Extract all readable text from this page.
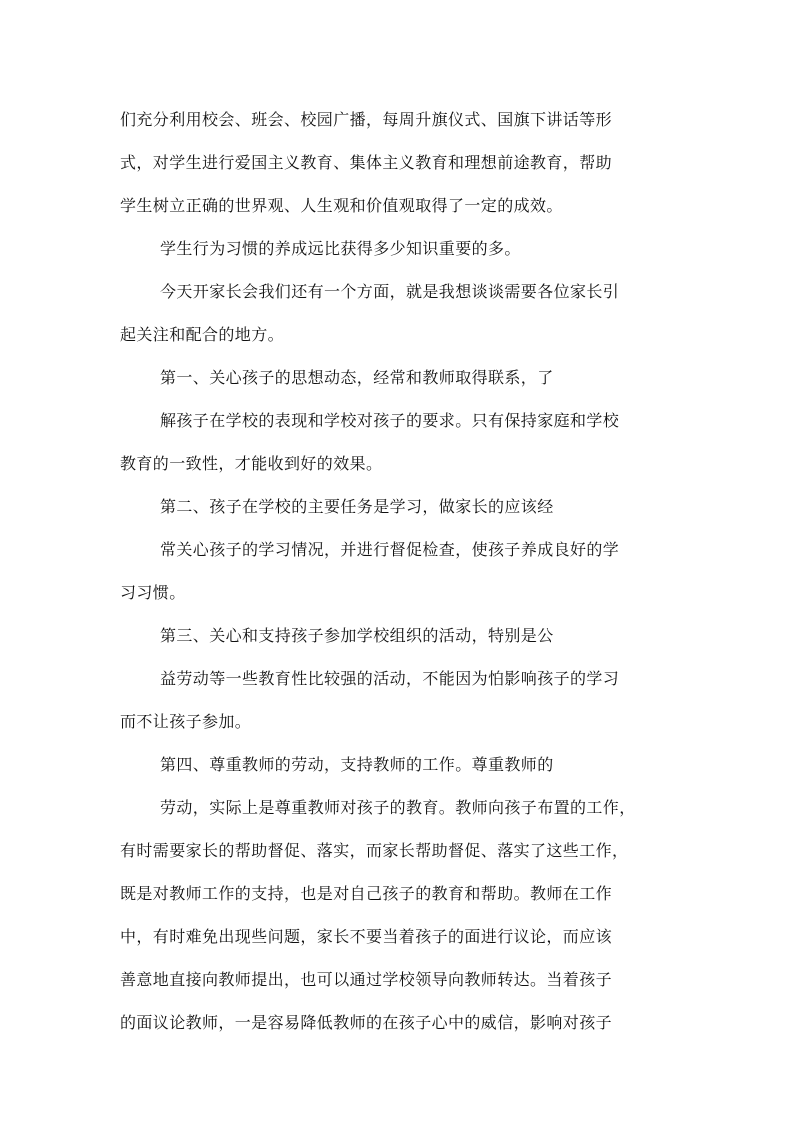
们充分利用校会、班会、校园广播，每周升旗仪式、国旗下讲话等形
式，对学生进行爱国主义教育、集体主义教育和理想前途教育，帮助
学生树立正确的世界观、人生观和价值观取得了一定的成效。
学生行为习惯的养成远比获得多少知识重要的多。
今天开家长会我们还有一个方面，就是我想谈谈需要各位家长引
起关注和配合的地方。
第一、关心孩子的思想动态，经常和教师取得联系，了
解孩子在学校的表现和学校对孩子的要求。只有保持家庭和学校
教育的一致性，才能收到好的效果。
第二、孩子在学校的主要任务是学习，做家长的应该经
常关心孩子的学习情况，并进行督促检查，使孩子养成良好的学
习习惯。
第三、关心和支持孩子参加学校组织的活动，特别是公
益劳动等一些教育性比较强的活动，不能因为怕影响孩子的学习
而不让孩子参加。
第四、尊重教师的劳动，支持教师的工作。尊重教师的
劳动，实际上是尊重教师对孩子的教育。教师向孩子布置的工作，
有时需要家长的帮助督促、落实，而家长帮助督促、落实了这些工作，
既是对教师工作的支持，也是对自己孩子的教育和帮助。教师在工作
中，有时难免出现些问题，家长不要当着孩子的面进行议论，而应该
善意地直接向教师提出，也可以通过学校领导向教师转达。当着孩子
的面议论教师，一是容易降低教师的在孩子心中的威信，影响对孩子
